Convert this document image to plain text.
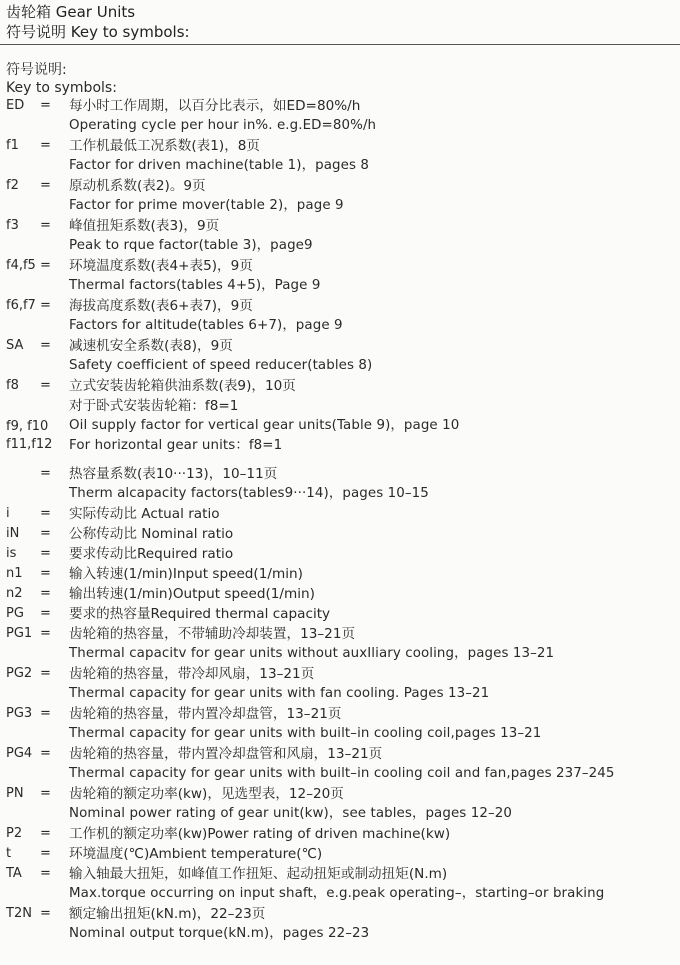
齿轮箱 Gear Units
符号说明 Key to symbols:
符号说明:
Key to symbols:
ED = 每小时工作周期，以百分比表示，如ED=80%/h
Operating cycle per hour in%. e.g.ED=80%/h
f1 = 工作机最低工况系数(表1)，8页
Factor for driven machine(table 1)，pages 8
f2 = 原动机系数(表2)。9页
Factor for prime mover(table 2)，page 9
f3 = 峰值扭矩系数(表3)，9页
Peak to rque factor(table 3)，page9
f4,f5 = 环境温度系数(表4+表5)，9页
Thermal factors(tables 4+5)，Page 9
f6,f7 = 海拔高度系数(表6+表7)，9页
Factors for altitude(tables 6+7)，page 9
SA = 减速机安全系数(表8)，9页
Safety coefficient of speed reducer(tables 8)
f8 = 立式安装齿轮箱供油系数(表9)，10页
对于卧式安装齿轮箱：f8=1
Oil supply factor for vertical gear units(Table 9)，page 10
For horizontal gear units：f8=1
f9, f10
f11,f12
= 热容量系数(表10···13)，10–11页
Therm alcapacity factors(tables9···14)，pages 10–15
i = 实际传动比 Actual ratio
iN = 公称传动比 Nominal ratio
is = 要求传动比Required ratio
n1 = 输入转速(1/min)Input speed(1/min)
n2 = 输出转速(1/min)Output speed(1/min)
PG = 要求的热容量Required thermal capacity
PG1 = 齿轮箱的热容量，不带辅助冷却装置，13–21页
Thermal capacitv for gear units without auxIliary cooling，pages 13–21
PG2 = 齿轮箱的热容量，带冷却风扇，13–21页
Thermal capacity for gear units with fan cooling. Pages 13–21
PG3 = 齿轮箱的热容量，带内置冷却盘管，13–21页
Thermal capacity for gear units with built–in cooling coil,pages 13–21
PG4 = 齿轮箱的热容量，带内置冷却盘管和风扇，13–21页
Thermal capacity for gear units with built–in cooling coil and fan,pages 237–245
PN = 齿轮箱的额定功率(kw)，见选型表，12–20页
Nominal power rating of gear unit(kw)，see tables，pages 12–20
P2 = 工作机的额定功率(kw)Power rating of driven machine(kw)
t = 环境温度(℃)Ambient temperature(℃)
TA = 输入轴最大扭矩，如峰值工作扭矩、起动扭矩或制动扭矩(N.m)
Max.torque occurring on input shaft，e.g.peak operating–，starting–or braking
T2N = 额定输出扭矩(kN.m)，22–23页
Nominal output torque(kN.m)，pages 22–23
